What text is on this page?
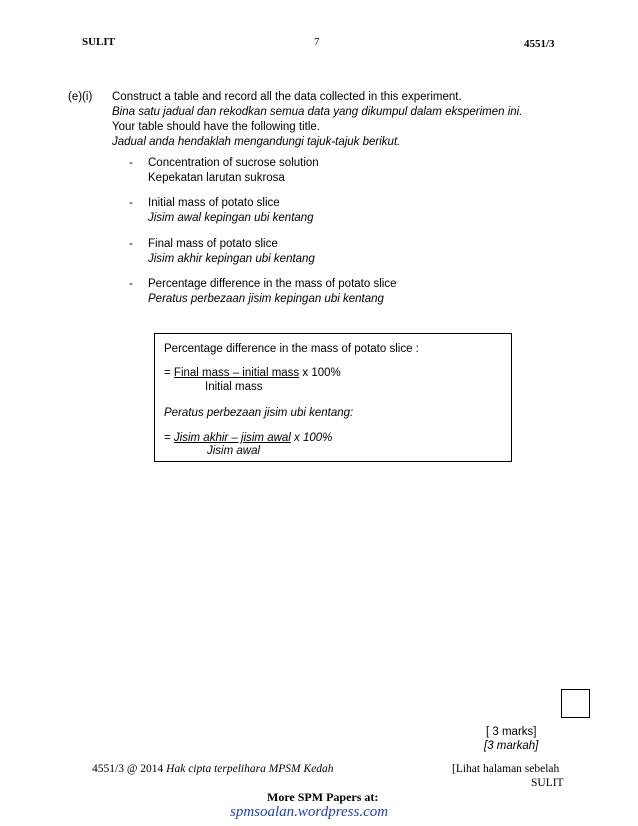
SULIT	7	4551/3
(e)(i) Construct a table and record all the data collected in this experiment.
Bina satu jadual dan rekodkan semua data yang dikumpul dalam eksperimen ini.
Your table should have the following title.
Jadual anda hendaklah mengandungi tajuk-tajuk berikut.
- Concentration of sucrose solution
Kepekatan larutan sukrosa
- Initial mass of potato slice
Jisim awal kepingan ubi kentang
- Final mass of potato slice
Jisim akhir kepingan ubi kentang
- Percentage difference in the mass of potato slice
Peratus perbezaan jisim kepingan ubi kentang
Percentage difference in the mass of potato slice :
= Final mass – initial mass x 100%
Initial mass
Peratus perbezaan jisim ubi kentang:
= Jisim akhir – jisim awal x 100%
Jisim awal
[ 3 marks]
[3 markah]
4551/3 @ 2014 Hak cipta terpelihara MPSM Kedah	[Lihat halaman sebelah
SULIT
More SPM Papers at:
spmsoalan.wordpress.com
